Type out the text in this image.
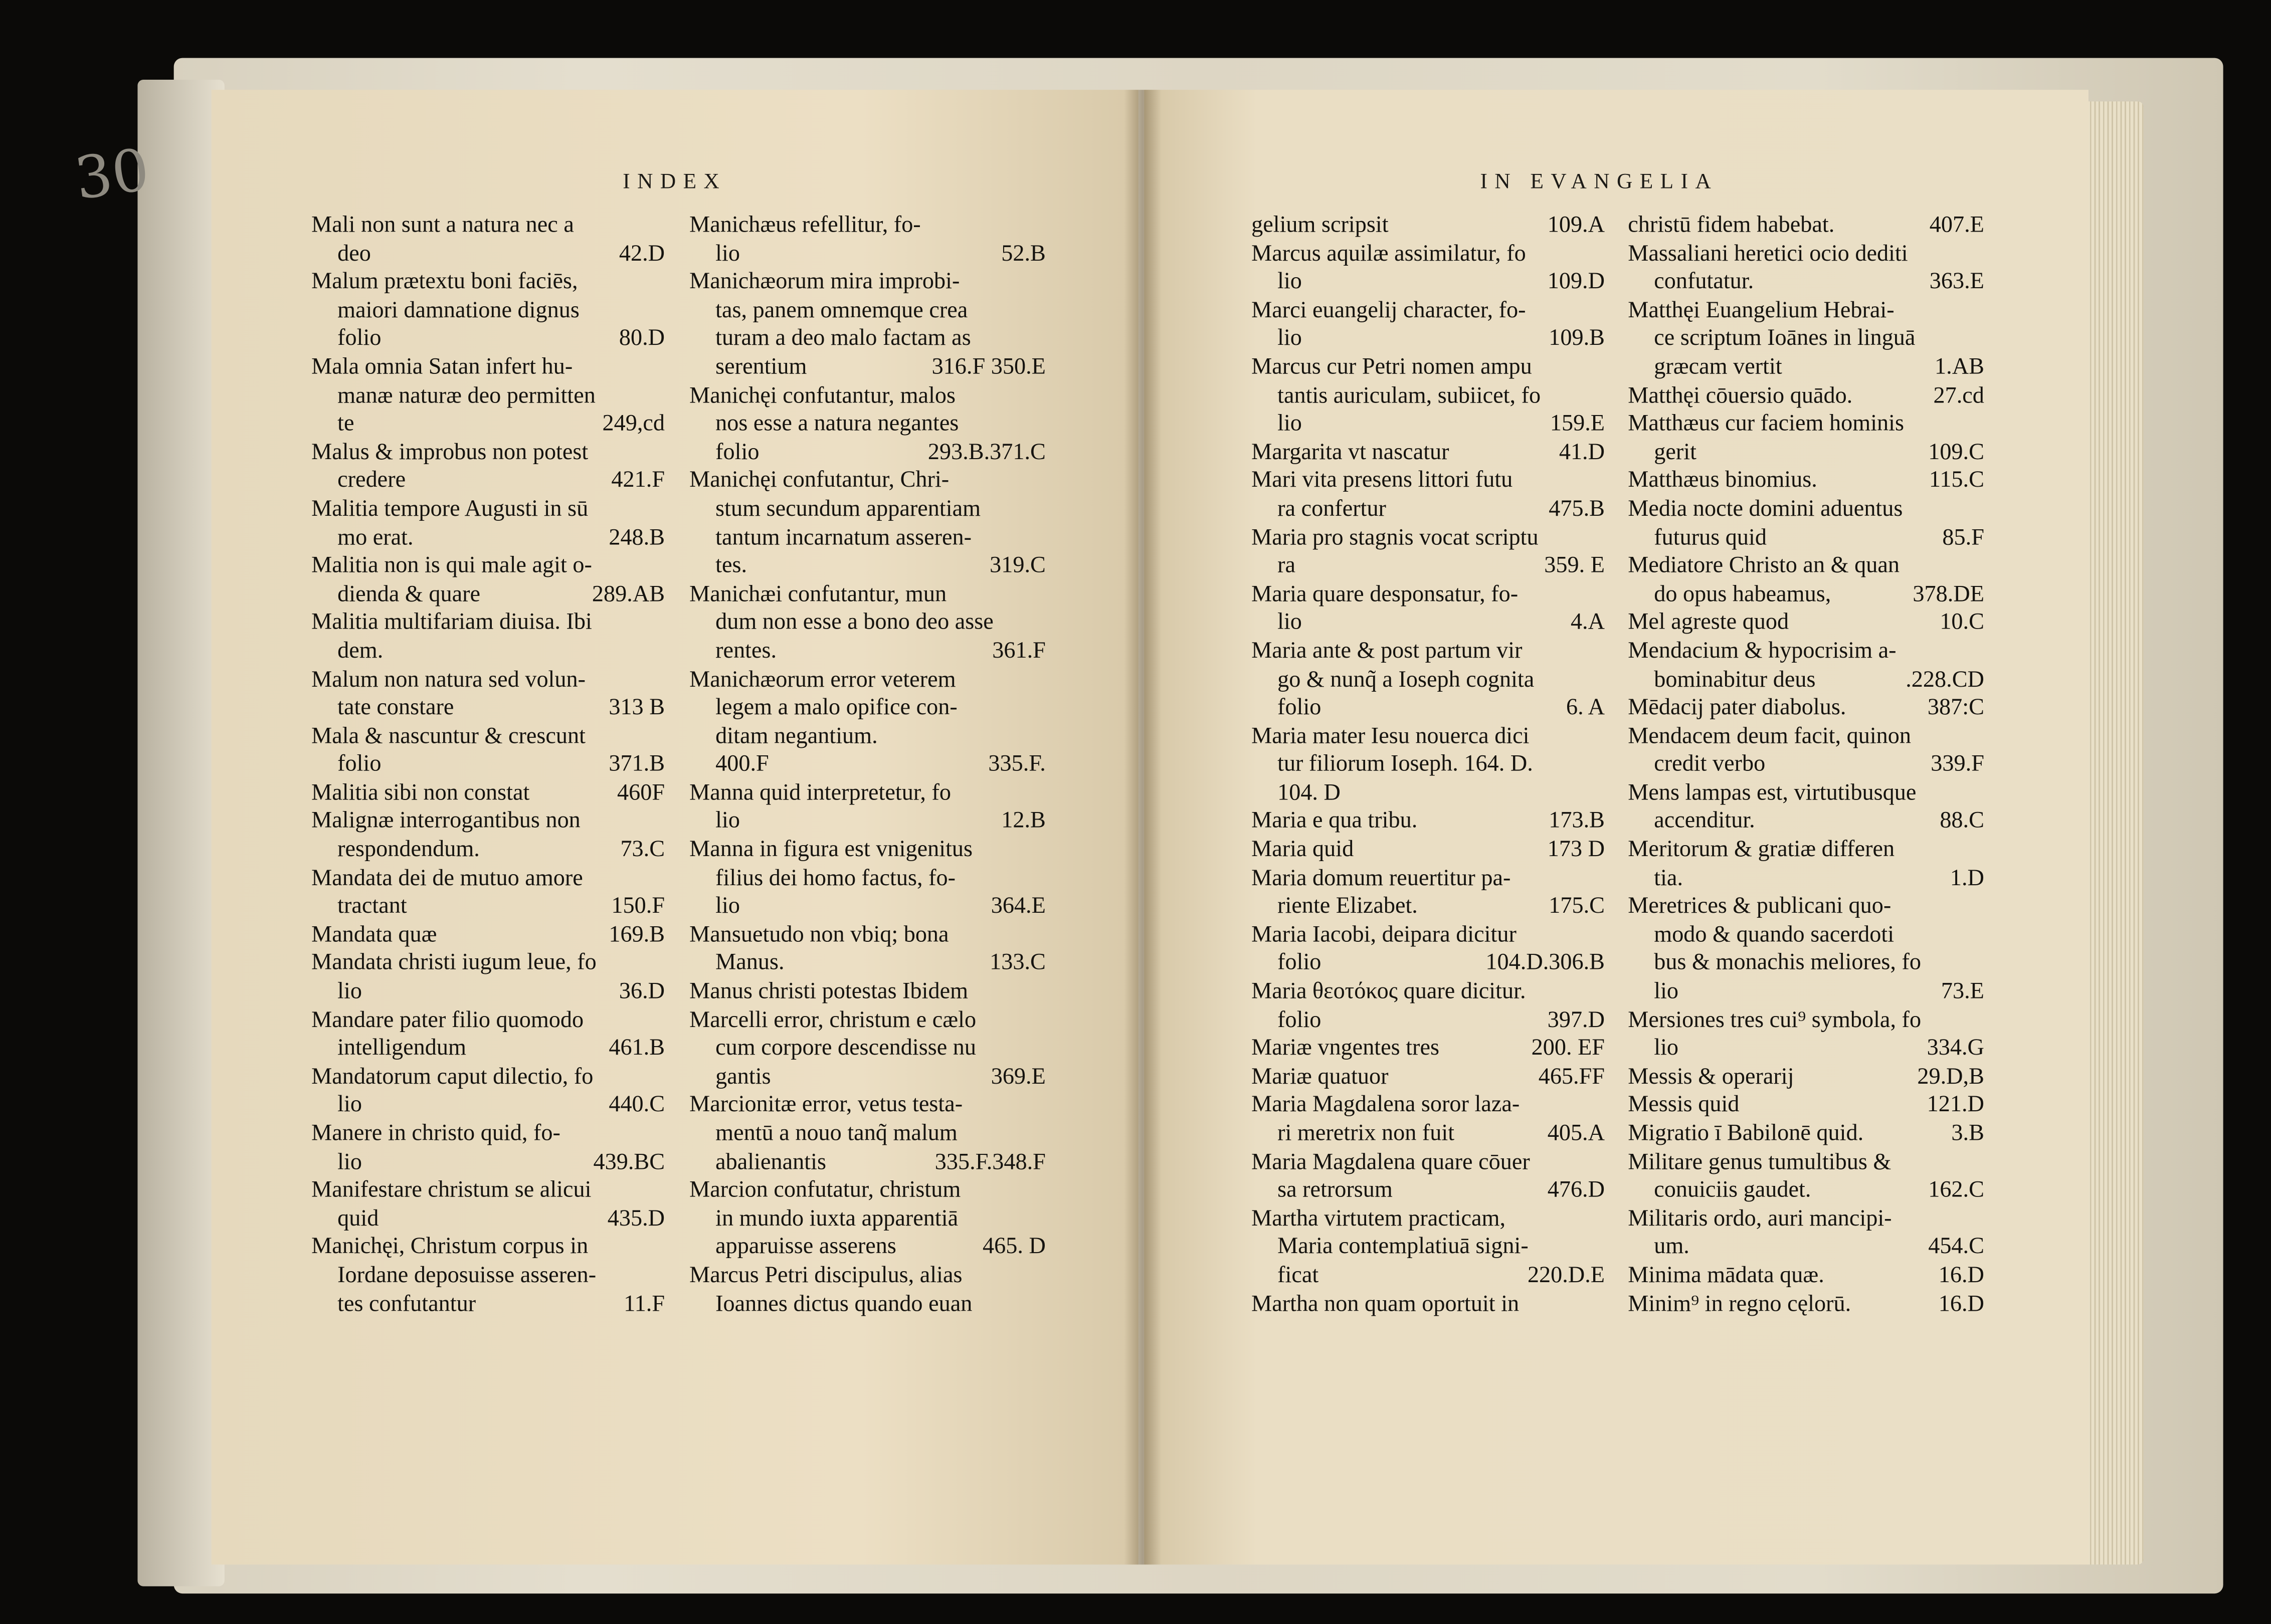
30	INDEX	IN EVANGELIA
Mali non sunt a natura nec a
deo	42.D
Malum prætextu boni faciēs,
maiori damnatione dignus
folio	80.D
Mala omnia Satan infert hu-
manæ naturæ deo permitten
te	249,cd
Malus & improbus non potest
credere	421.F
Malitia tempore Augusti in sū
mo erat.	248.B
Malitia non is qui male agit o-
dienda & quare	289.AB
Malitia multifariam diuisa. Ibi
dem.
Malum non natura sed volun-
tate constare	313 B
Mala & nascuntur & crescunt
folio	371.B
Malitia sibi non constat	460F
Malignæ interrogantibus non
respondendum.	73.C
Mandata dei de mutuo amore
tractant	150.F
Mandata quæ	169.B
Mandata christi iugum leue, fo
lio	36.D
Mandare pater filio quomodo
intelligendum	461.B
Mandatorum caput dilectio, fo
lio	440.C
Manere in christo quid, fo-
lio	439.BC
Manifestare christum se alicui
quid	435.D
Manichęi, Christum corpus in
Iordane deposuisse asseren-
tes confutantur	11.F
Manichæus refellitur, fo-
lio	52.B
Manichæorum mira improbi-
tas, panem omnemque crea
turam a deo malo factam as
serentium	316.F 350.E
Manichęi confutantur, malos
nos esse a natura negantes
folio	293.B.371.C
Manichęi confutantur, Chri-
stum secundum apparentiam
tantum incarnatum asseren-
tes.	319.C
Manichæi confutantur, mun
dum non esse a bono deo asse
rentes.	361.F
Manichæorum error veterem
legem a malo opifice con-
ditam negantium.
400.F	335.F.
Manna quid interpretetur, fo
lio	12.B
Manna in figura est vnigenitus
filius dei homo factus, fo-
lio	364.E
Mansuetudo non vbiq; bona
Manus.	133.C
Manus christi potestas Ibidem
Marcelli error, christum e cælo
cum corpore descendisse nu
gantis	369.E
Marcionitæ error, vetus testa-
mentū a nouo tanq̃ malum
abalienantis	335.F.348.F
Marcion confutatur, christum
in mundo iuxta apparentiā
apparuisse asserens	465. D
Marcus Petri discipulus, alias
Ioannes dictus quando euan
gelium scripsit	109.A
Marcus aquilæ assimilatur, fo
lio	109.D
Marci euangelij character, fo-
lio	109.B
Marcus cur Petri nomen ampu
tantis auriculam, subiicet, fo
lio	159.E
Margarita vt nascatur	41.D
Mari vita presens littori futu
ra confertur	475.B
Maria pro stagnis vocat scriptu
ra	359. E
Maria quare desponsatur, fo-
lio	4.A
Maria ante & post partum vir
go & nunq̃ a Ioseph cognita
folio	6. A
Maria mater Iesu nouerca dici
tur filiorum Ioseph. 164. D.
104. D
Maria e qua tribu.	173.B
Maria quid	173 D
Maria domum reuertitur pa-
riente Elizabet.	175.C
Maria Iacobi, deipara dicitur
folio	104.D.306.B
Maria θεοτόκος quare dicitur.
folio	397.D
Mariæ vngentes tres	200. EF
Mariæ quatuor	465.FF
Maria Magdalena soror laza-
ri meretrix non fuit	405.A
Maria Magdalena quare cōuer
sa retrorsum	476.D
Martha virtutem practicam,
Maria contemplatiuā signi-
ficat	220.D.E
Martha non quam oportuit in
christū fidem habebat.	407.E
Massaliani heretici ocio dediti
confutatur.	363.E
Matthęi Euangelium Hebrai-
ce scriptum Ioānes in linguā
græcam vertit	1.AB
Matthęi cōuersio quādo.	27.cd
Matthæus cur faciem hominis
gerit	109.C
Matthæus binomius.	115.C
Media nocte domini aduentus
futurus quid	85.F
Mediatore Christo an & quan
do opus habeamus,	378.DE
Mel agreste quod	10.C
Mendacium & hypocrisim a-
bominabitur deus	.228.CD
Mēdacij pater diabolus.	387:C
Mendacem deum facit, quinon
credit verbo	339.F
Mens lampas est, virtutibusque
accenditur.	88.C
Meritorum & gratiæ differen
tia.	1.D
Meretrices & publicani quo-
modo & quando sacerdoti
bus & monachis meliores, fo
lio	73.E
Mersiones tres cui⁹ symbola, fo
lio	334.G
Messis & operarij	29.D,B
Messis quid	121.D
Migratio ī Babilonē quid.	3.B
Militare genus tumultibus &
conuiciis gaudet.	162.C
Militaris ordo, auri mancipi-
um.	454.C
Minima mādata quæ.	16.D
Minim⁹ in regno cęlorū.	16.D
